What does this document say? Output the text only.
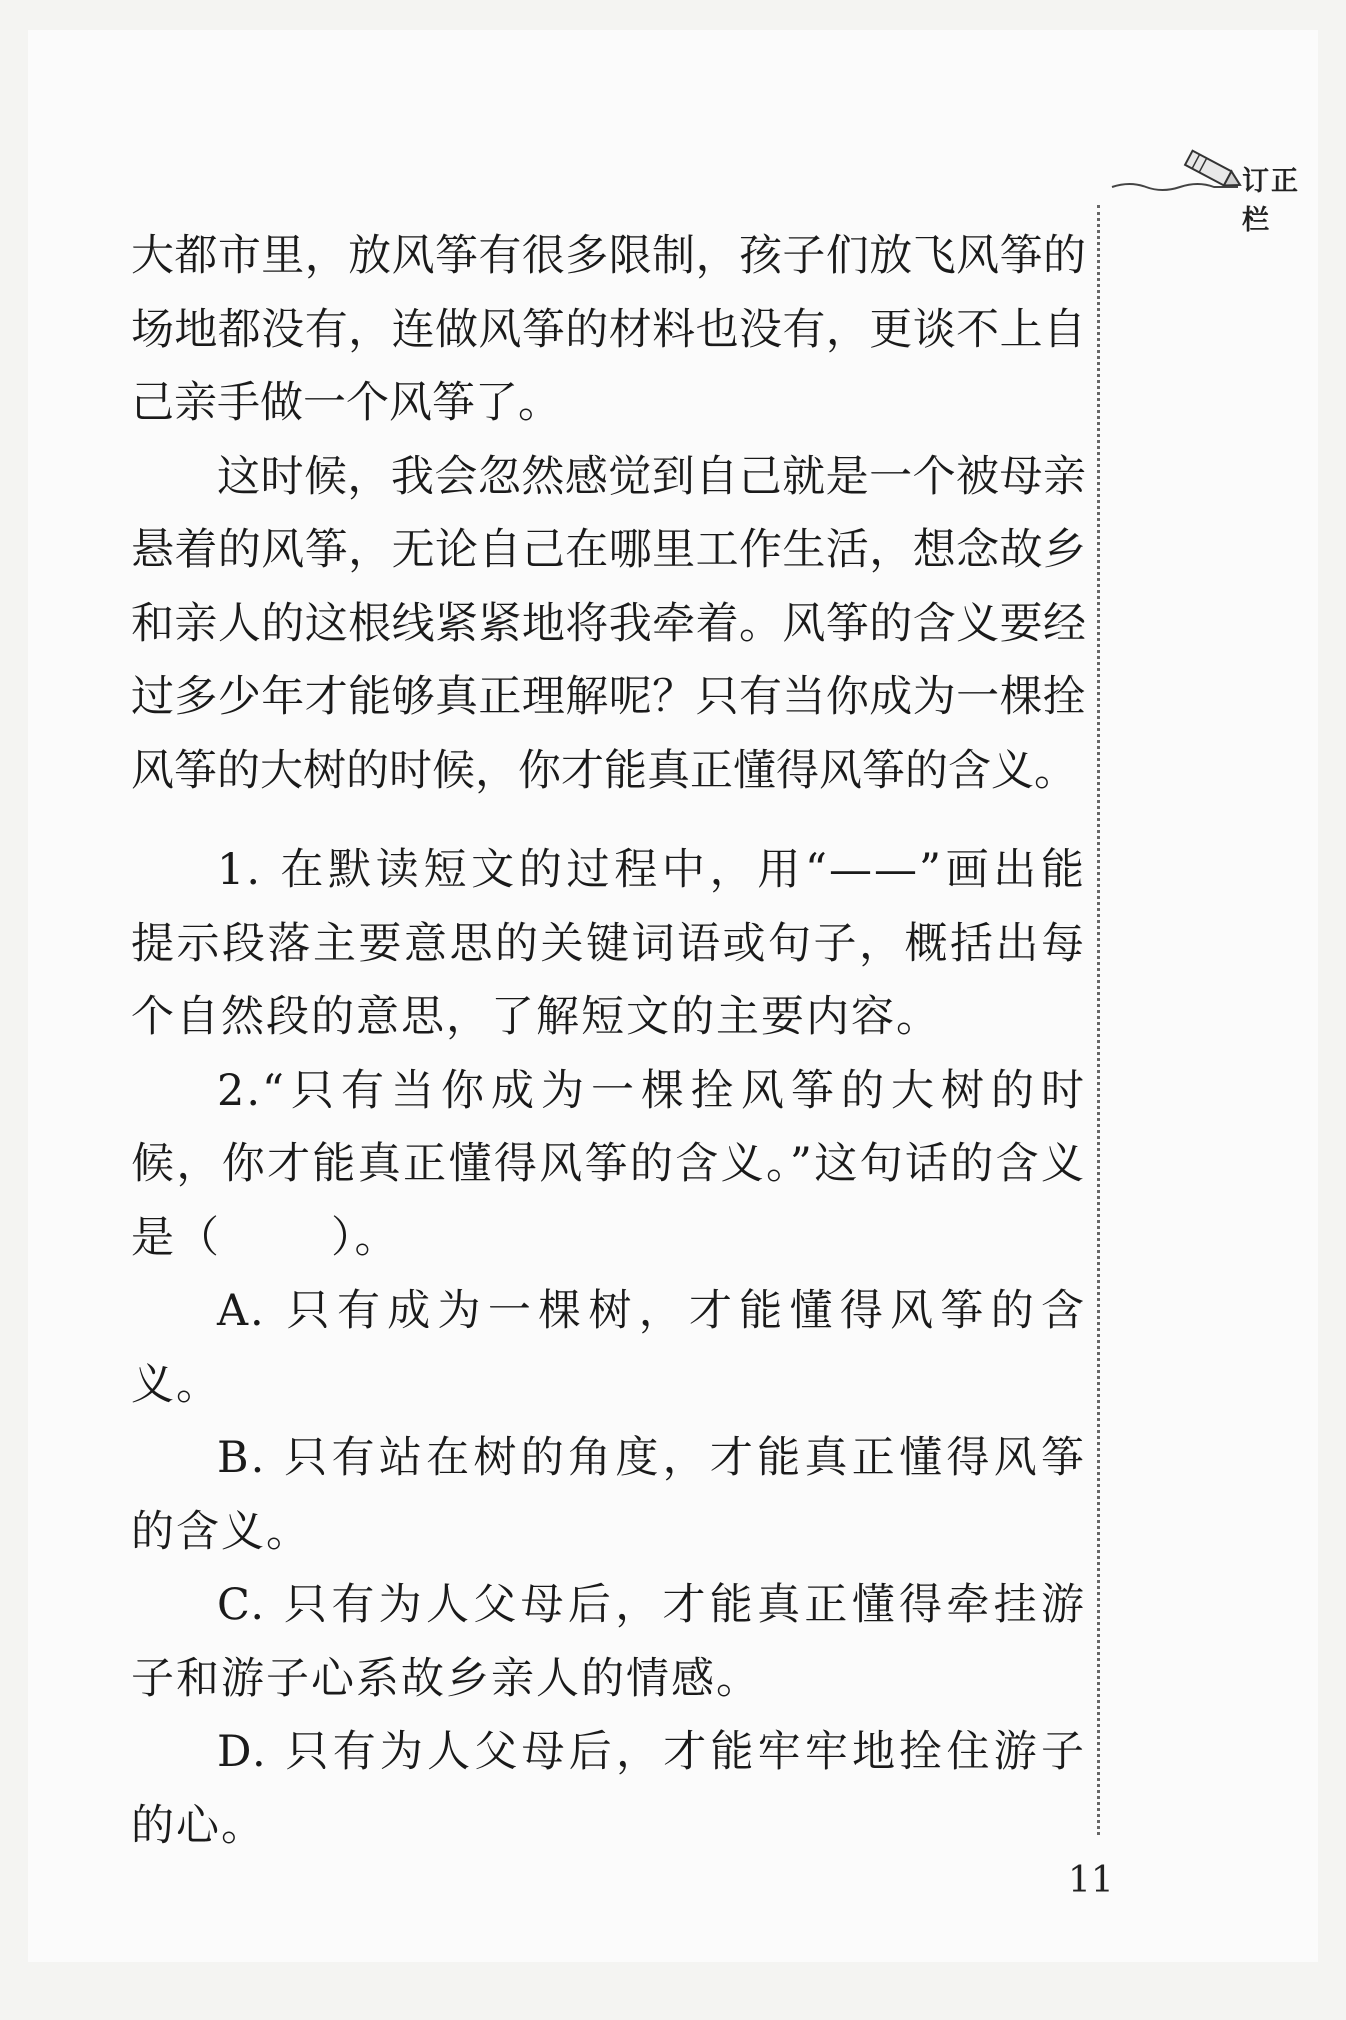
订正栏

大都市里，放风筝有很多限制，孩子们放飞风筝的场地都没有，连做风筝的材料也没有，更谈不上自己亲手做一个风筝了。

这时候，我会忽然感觉到自己就是一个被母亲悬着的风筝，无论自己在哪里工作生活，想念故乡和亲人的这根线紧紧地将我牵着。风筝的含义要经过多少年才能够真正理解呢？只有当你成为一棵拴风筝的大树的时候，你才能真正懂得风筝的含义。

1. 在默读短文的过程中，用“——”画出能提示段落主要意思的关键词语或句子，概括出每个自然段的意思，了解短文的主要内容。

2.“只有当你成为一棵拴风筝的大树的时候，你才能真正懂得风筝的含义。”这句话的含义是（	）。

A. 只有成为一棵树，才能懂得风筝的含义。

B. 只有站在树的角度，才能真正懂得风筝的含义。

C. 只有为人父母后，才能真正懂得牵挂游子和游子心系故乡亲人的情感。

D. 只有为人父母后，才能牢牢地拴住游子的心。

11
